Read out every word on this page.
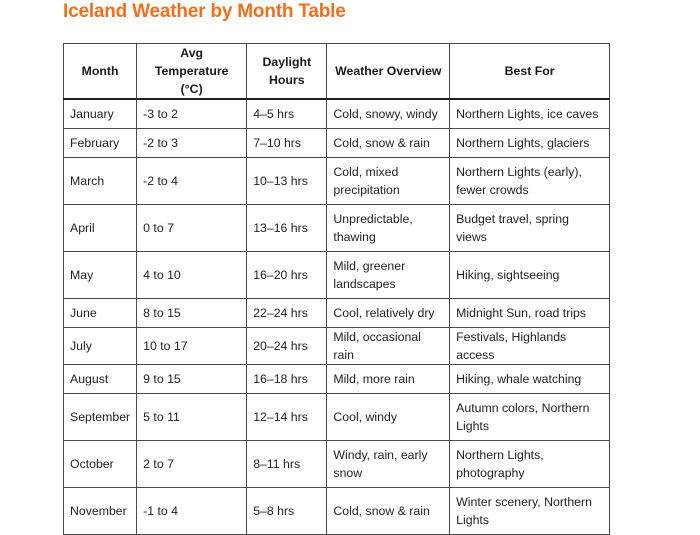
Iceland Weather by Month Table
Month	Avg Temperature (°C)	Daylight Hours	Weather Overview	Best For
January	-3 to 2	4–5 hrs	Cold, snowy, windy	Northern Lights, ice caves
February	-2 to 3	7–10 hrs	Cold, snow & rain	Northern Lights, glaciers
March	-2 to 4	10–13 hrs	Cold, mixed precipitation	Northern Lights (early), fewer crowds
April	0 to 7	13–16 hrs	Unpredictable, thawing	Budget travel, spring views
May	4 to 10	16–20 hrs	Mild, greener landscapes	Hiking, sightseeing
June	8 to 15	22–24 hrs	Cool, relatively dry	Midnight Sun, road trips
July	10 to 17	20–24 hrs	Mild, occasional rain	Festivals, Highlands access
August	9 to 15	16–18 hrs	Mild, more rain	Hiking, whale watching
September	5 to 11	12–14 hrs	Cool, windy	Autumn colors, Northern Lights
October	2 to 7	8–11 hrs	Windy, rain, early snow	Northern Lights, photography
November	-1 to 4	5–8 hrs	Cold, snow & rain	Winter scenery, Northern Lights
